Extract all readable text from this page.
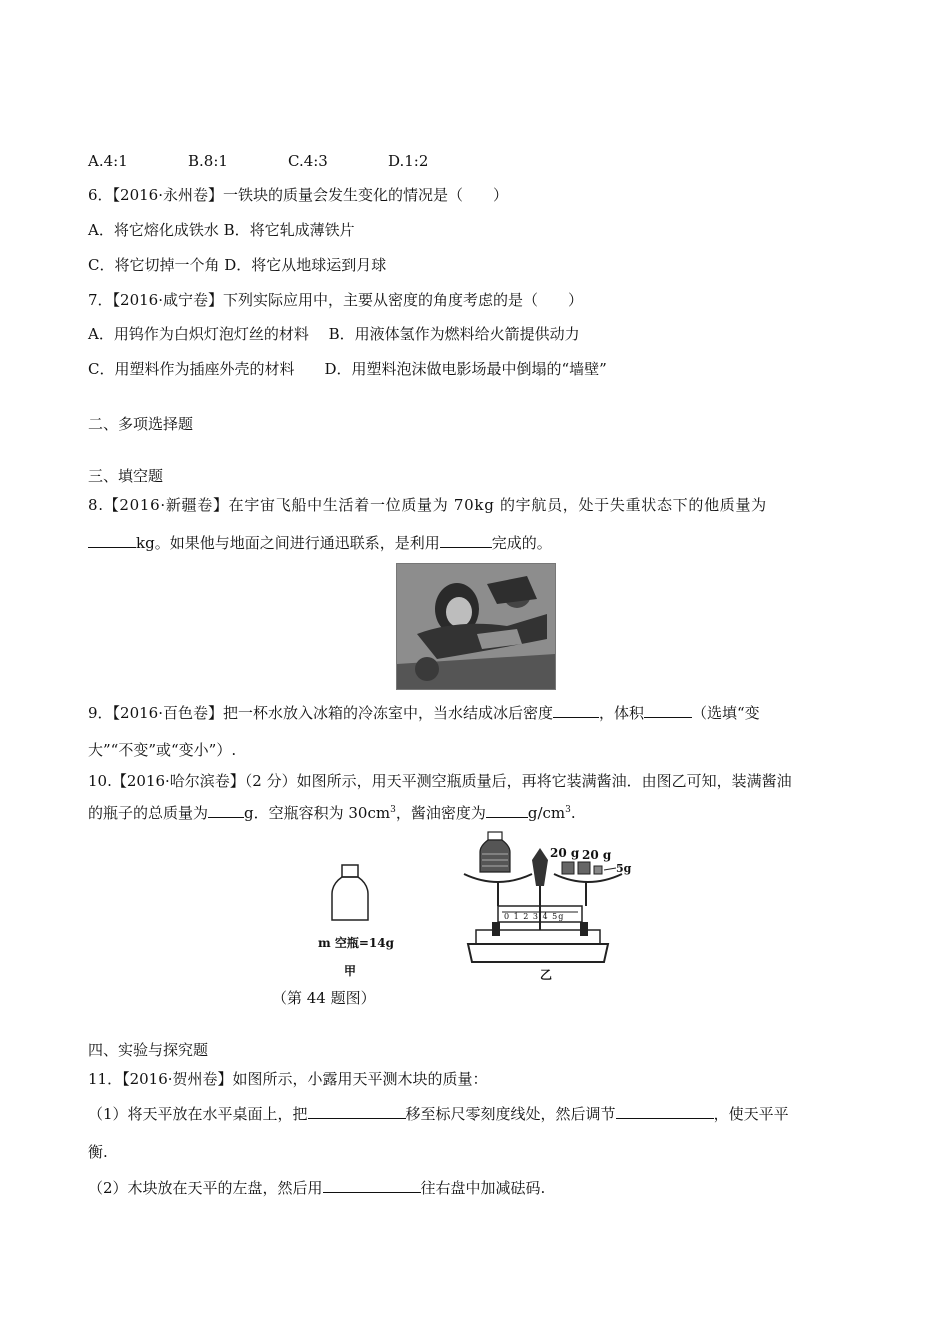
A.4:1	B.8:1	C.4:3	D.1:2
6．【2016·永州卷】一铁块的质量会发生变化的情况是（　　）
A．将它熔化成铁水 B．将它轧成薄铁片
C．将它切掉一个角 D．将它从地球运到月球
7．【2016·咸宁卷】下列实际应用中，主要从密度的角度考虑的是（　　）
A．用钨作为白炽灯泡灯丝的材料　 B．用液体氢作为燃料给火箭提供动力
C．用塑料作为插座外壳的材料　　D．用塑料泡沫做电影场最中倒塌的“墙壁”
二、多项选择题
三、填空题
8.【2016·新疆卷】在宇宙飞船中生活着一位质量为 70kg 的宇航员，处于失重状态下的他质量为
kg。如果他与地面之间进行通迅联系，是利用	完成的。
9．【2016·百色卷】把一杯水放入冰箱的冷冻室中，当水结成冰后密度	，体积	（选填“变
大”“不变”或“变小”）.
10.【2016·哈尔滨卷】（2 分）如图所示，用天平测空瓶质量后，再将它装满酱油．由图乙可知，装满酱油
的瓶子的总质量为 g．空瓶容积为 $30cm^3$，酱油密度为	$g/cm^3$.
m 空瓶=14g
甲
20 g 20 g
5g
0 1 2 3 4 5g
乙
（第 44 题图）
四、实验与探究题
11．【2016·贺州卷】如图所示，小露用天平测木块的质量：
（1）将天平放在水平桌面上，把	移至标尺零刻度线处，然后调节	，使天平平
衡.
（2）木块放在天平的左盘，然后用	往右盘中加减砝码.
